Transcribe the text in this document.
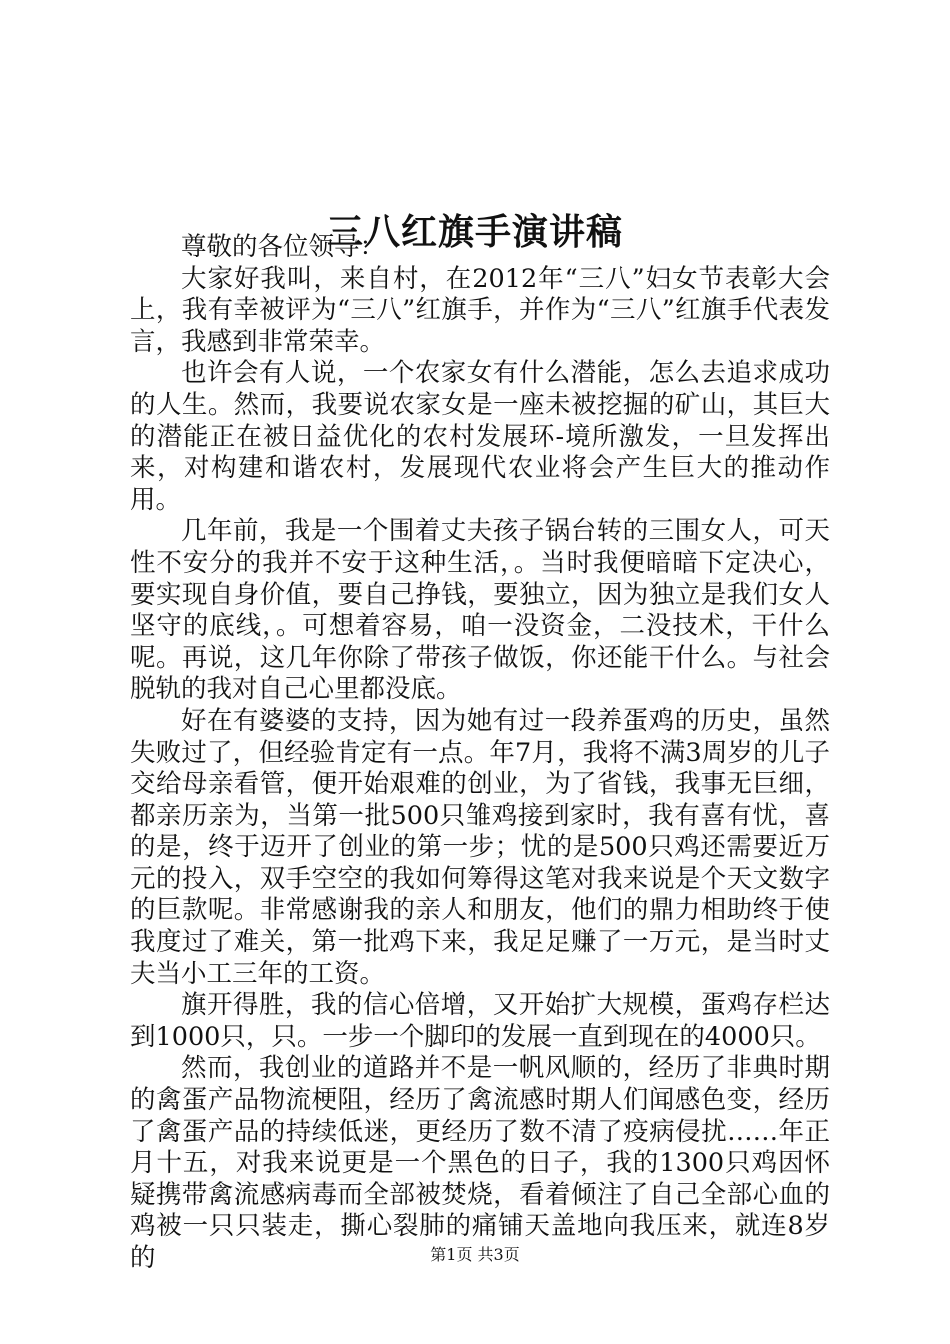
三八红旗手演讲稿

尊敬的各位领导：

大家好我叫，来自村，在2012年“三八”妇女节表彰大会上，我有幸被评为“三八”红旗手，并作为“三八”红旗手代表发言，我感到非常荣幸。

也许会有人说，一个农家女有什么潜能，怎么去追求成功的人生。然而，我要说农家女是一座未被挖掘的矿山，其巨大的潜能正在被日益优化的农村发展环-境所激发，一旦发挥出来，对构建和谐农村，发展现代农业将会产生巨大的推动作用。

几年前，我是一个围着丈夫孩子锅台转的三围女人，可天性不安分的我并不安于这种生活，。当时我便暗暗下定决心，要实现自身价值，要自己挣钱，要独立，因为独立是我们女人坚守的底线，。可想着容易，咱一没资金，二没技术，干什么呢。再说，这几年你除了带孩子做饭，你还能干什么。与社会脱轨的我对自己心里都没底。

好在有婆婆的支持，因为她有过一段养蛋鸡的历史，虽然失败过了，但经验肯定有一点。年7月，我将不满3周岁的儿子交给母亲看管，便开始艰难的创业，为了省钱，我事无巨细，都亲历亲为，当第一批500只雏鸡接到家时，我有喜有忧，喜的是，终于迈开了创业的第一步；忧的是500只鸡还需要近万元的投入，双手空空的我如何筹得这笔对我来说是个天文数字的巨款呢。非常感谢我的亲人和朋友，他们的鼎力相助终于使我度过了难关，第一批鸡下来，我足足赚了一万元，是当时丈夫当小工三年的工资。

旗开得胜，我的信心倍增，又开始扩大规模，蛋鸡存栏达到1000只，只。一步一个脚印的发展一直到现在的4000只。

然而，我创业的道路并不是一帆风顺的，经历了非典时期的禽蛋产品物流梗阻，经历了禽流感时期人们闻感色变，经历了禽蛋产品的持续低迷，更经历了数不清了疫病侵扰……年正月十五，对我来说更是一个黑色的日子，我的1300只鸡因怀疑携带禽流感病毒而全部被焚烧，看着倾注了自己全部心血的鸡被一只只装走，撕心裂肺的痛铺天盖地向我压来，就连8岁的	第1页 共3页
